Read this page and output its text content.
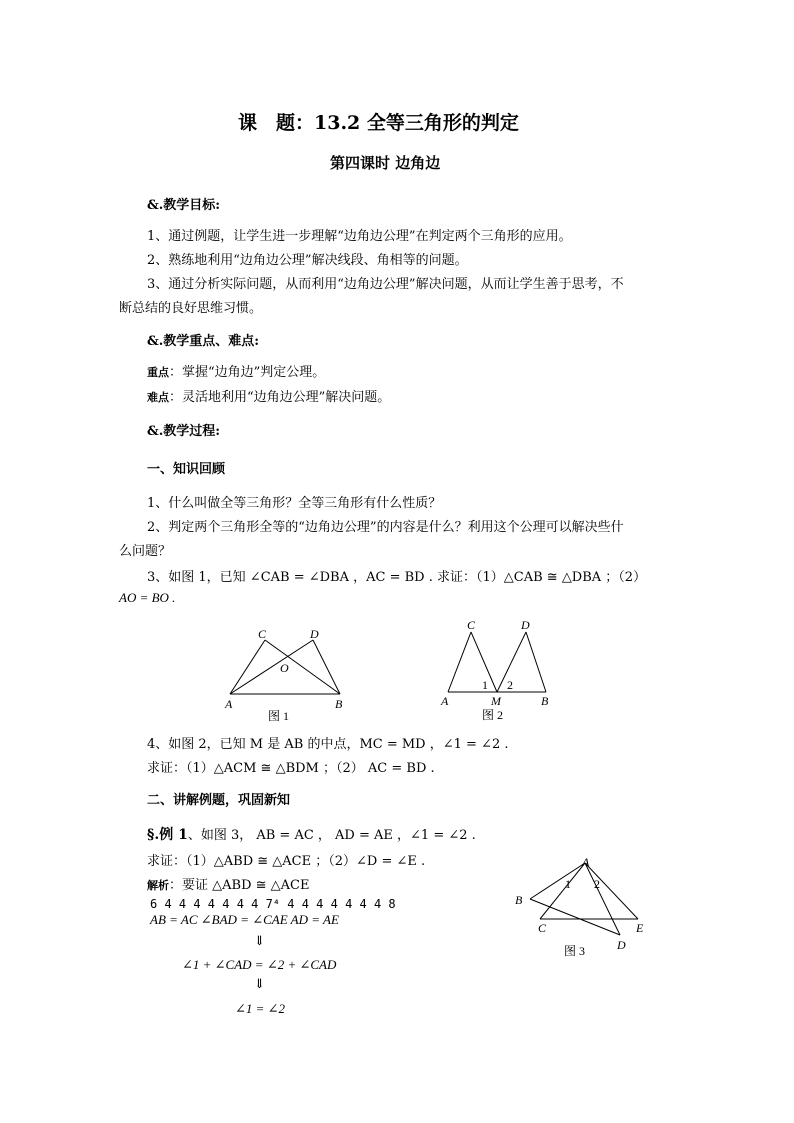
课　题：13.2 全等三角形的判定
第四课时 边角边
&.教学目标:
1、通过例题，让学生进一步理解“边角边公理”在判定两个三角形的应用。
2、熟练地利用“边角边公理”解决线段、角相等的问题。
3、通过分析实际问题，从而利用“边角边公理”解决问题，从而让学生善于思考，不
断总结的良好思维习惯。
&.教学重点、难点:
重点：掌握“边角边”判定公理。
难点：灵活地利用“边角边公理”解决问题。
&.教学过程:
一、知识回顾
1、什么叫做全等三角形？全等三角形有什么性质？
2、判定两个三角形全等的“边角边公理”的内容是什么？利用这个公理可以解决些什
么问题？
3、如图 1，已知 ∠CAB = ∠DBA ，AC = BD . 求证：（1）△CAB ≅ △DBA ；（2）
AO = BO .
C	D
O
A	B
图 1
C	D
1 2
A	M	B
图 2
4、如图 2，已知 M 是 AB 的中点，MC = MD ，∠1 = ∠2 .
求证：（1）△ACM ≅ △BDM ；（2） AC = BD .
二、讲解例题，巩固新知
§.例 1、如图 3， AB = AC ， AD = AE ，∠1 = ∠2 .
求证：（1）△ABD ≅ △ACE ；（2）∠D = ∠E .
解析：要证 △ABD ≅ △ACE
6 4 4 4 4 4 4 4 7⁴ 4 4 4 4 4 4 4 8
AB = AC ∠BAD = ∠CAE AD = AE
⇓
∠1 + ∠CAD = ∠2 + ∠CAD
⇓
∠1 = ∠2
A
1 2
B
C	E
D
图 3
